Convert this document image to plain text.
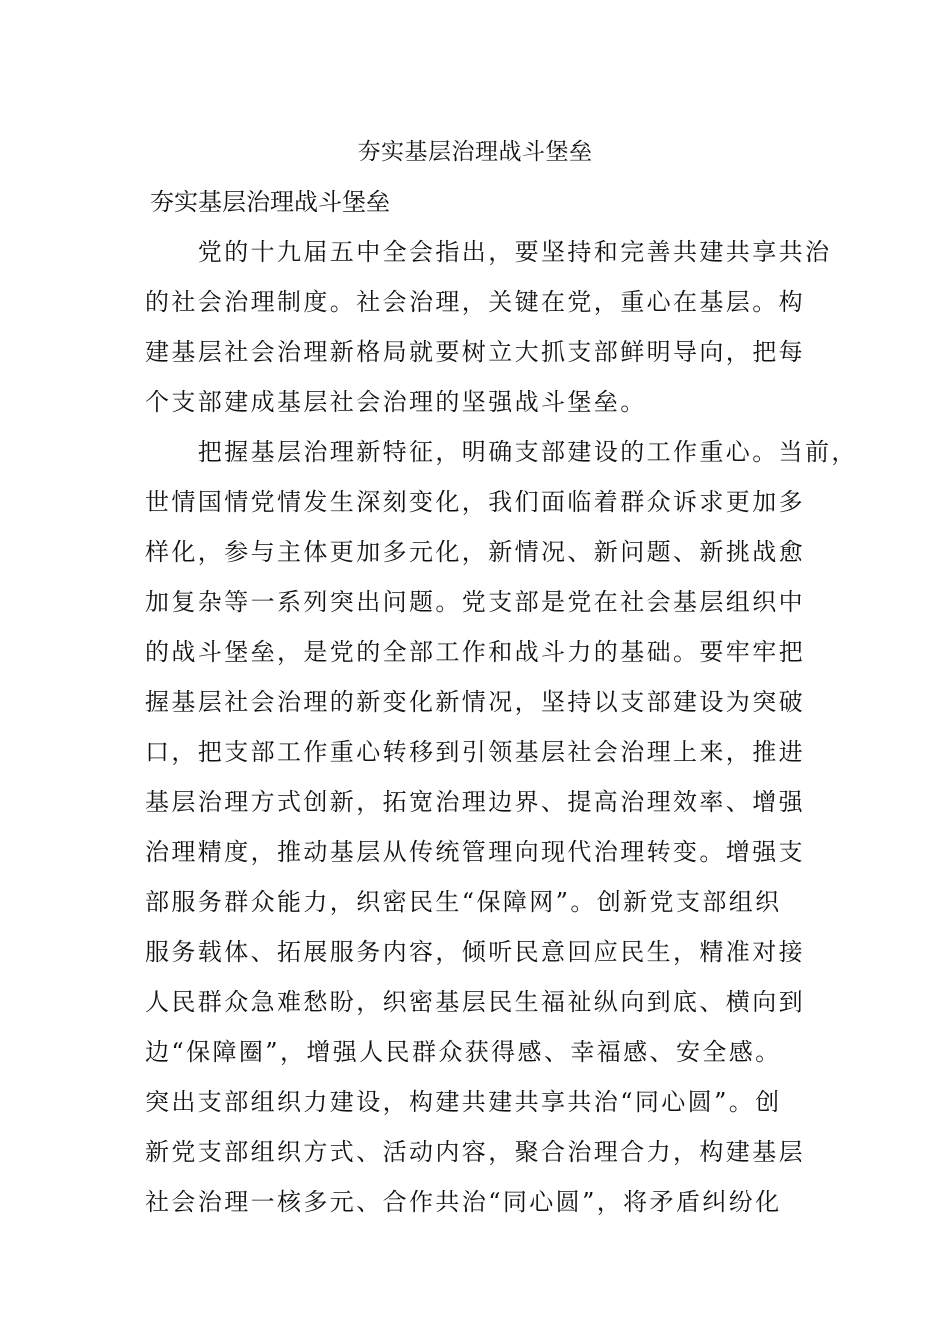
夯实基层治理战斗堡垒

夯实基层治理战斗堡垒

　　党的十九届五中全会指出，要坚持和完善共建共享共治

的社会治理制度。社会治理，关键在党，重心在基层。构

建基层社会治理新格局就要树立大抓支部鲜明导向，把每

个支部建成基层社会治理的坚强战斗堡垒。

　　把握基层治理新特征，明确支部建设的工作重心。当前，

世情国情党情发生深刻变化，我们面临着群众诉求更加多

样化，参与主体更加多元化，新情况、新问题、新挑战愈

加复杂等一系列突出问题。党支部是党在社会基层组织中

的战斗堡垒，是党的全部工作和战斗力的基础。要牢牢把

握基层社会治理的新变化新情况，坚持以支部建设为突破

口，把支部工作重心转移到引领基层社会治理上来，推进

基层治理方式创新，拓宽治理边界、提高治理效率、增强

治理精度，推动基层从传统管理向现代治理转变。增强支

部服务群众能力，织密民生“保障网”。创新党支部组织

服务载体、拓展服务内容，倾听民意回应民生，精准对接

人民群众急难愁盼，织密基层民生福祉纵向到底、横向到

边“保障圈”，增强人民群众获得感、幸福感、安全感。

突出支部组织力建设，构建共建共享共治“同心圆”。创

新党支部组织方式、活动内容，聚合治理合力，构建基层

社会治理一核多元、合作共治“同心圆”，将矛盾纠纷化
